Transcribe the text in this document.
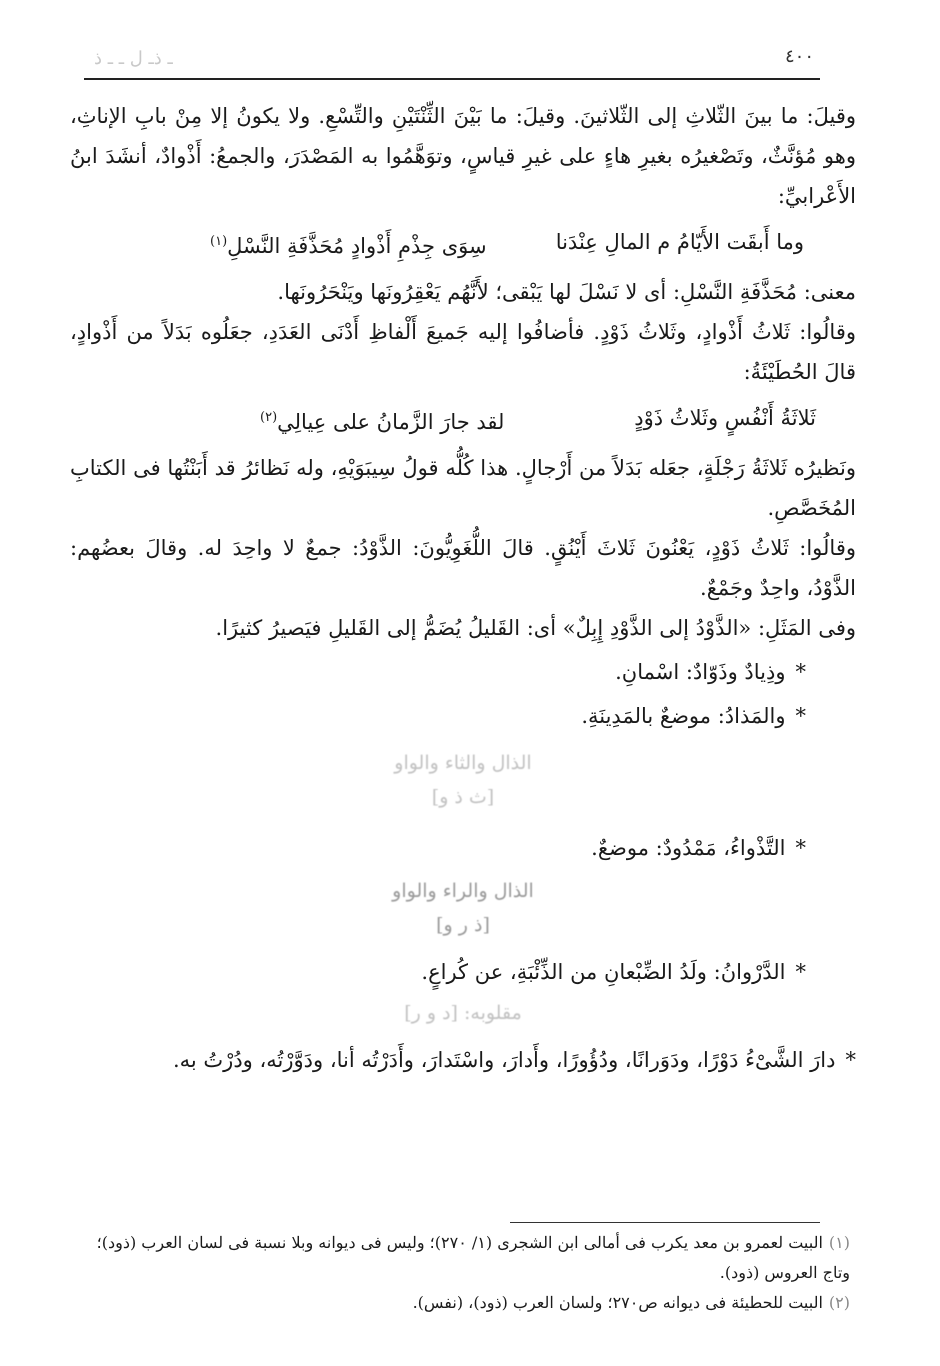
ـ ذـ ل ـ ـ ذ	٤٠٠

وقيلَ: ما بينَ الثّلاثِ إلى الثّلاثينَ. وقيلَ: ما بَيْنَ الثِّنْتَيْنِ والتِّسْعِ. ولا يكونُ إلا مِنْ بابِ الإناثِ، وهو مُؤنَّثٌ، وتَصْغيرُه بغيرِ هاءٍ على غيرِ قياسٍ، وتوَهَّمُوا به المَصْدَرَ، والجمعُ: أَذْوادٌ، أنشَدَ ابنُ الأَعْرابيِّ:

وما أَبقَت الأَيّامُ م المالِ عِنْدَنا
سِوَى جِذْمِ أَذْوادٍ مُحَذَّفَةِ النَّسْلِ$^{(١)}$

معنى: مُحَذَّفَةِ النَّسْلِ: أى لا نَسْلَ لها يَبْقى؛ لأَنَّهُم يَعْقِرُونَها ويَنْحَرُونَها.

وقالُوا: ثَلاثُ أَذْوادٍ، وثَلاثُ ذَوْدٍ. فأضافُوا إليه جَميعَ أَلْفاظِ أَدْنَى العَدَدِ، جعَلُوه بَدَلاً من أَذْوادٍ، قالَ الحُطَيْئَةُ:

ثَلاثَةُ أَنْفُسٍ وثَلاثُ ذَوْدٍ
لقد جارَ الزَّمانُ على عِيالِي$^{(٢)}$

ونَظيرُه ثَلاثَةُ رَجْلَةٍ، جعَله بَدَلاً من أَرْجالٍ. هذا كُلُّه قولُ سِيبَوَيْهِ، وله نَظائرُ قد أَبَنْتُها فى الكتابِ المُخَصَّصِ.

وقالُوا: ثَلاثُ ذَوْدٍ، يَعْنُونَ ثَلاثَ أَيْنُقٍ. قالَ اللُّغَوِيُّونَ: الذَّوْدُ: جمعٌ لا واحِدَ له. وقالَ بعضُهم: الذَّوْدُ، واحِدٌ وجَمْعٌ.

وفى المَثَلِ: «الذَّوْدُ إلى الذَّوْدِ إِبِلٌ» أى: القَليلُ يُضَمُّ إلى القَليلِ فيَصيرُ كثيرًا.

*وذِيادٌ وذَوّادٌ: اسْمانِ.
*والمَذادُ: موضعٌ بالمَدِينَةِ.
الذال والثاء والواو
[ث ذ و]
*التَّذْواءُ، مَمْدُودٌ: موضعٌ.
الذال والراء والواو
[ذ ر و]
*الدَّرْوانُ: ولَدُ الضِّبْعانِ من الذِّئْبَةِ، عن كُراعٍ.
مقلوبه: [د و ر]
*دارَ الشَّىْءُ دَوْرًا، ودَوَرانًا، ودُؤُورًا، وأَدارَ، واسْتَدارَ، وأَدَرْتُه أنا، ودَوَّرْتُه، ودُرْتُ به.
(١)البيت لعمرو بن معد يكرب فى أمالى ابن الشجرى (١/ ٢٧٠)؛ وليس فى ديوانه وبلا نسبة فى لسان العرب (ذود)؛ وتاج العروس (ذود).
(٢)البيت للحطيئة فى ديوانه ص٢٧٠؛ ولسان العرب (ذود)، (نفس).
